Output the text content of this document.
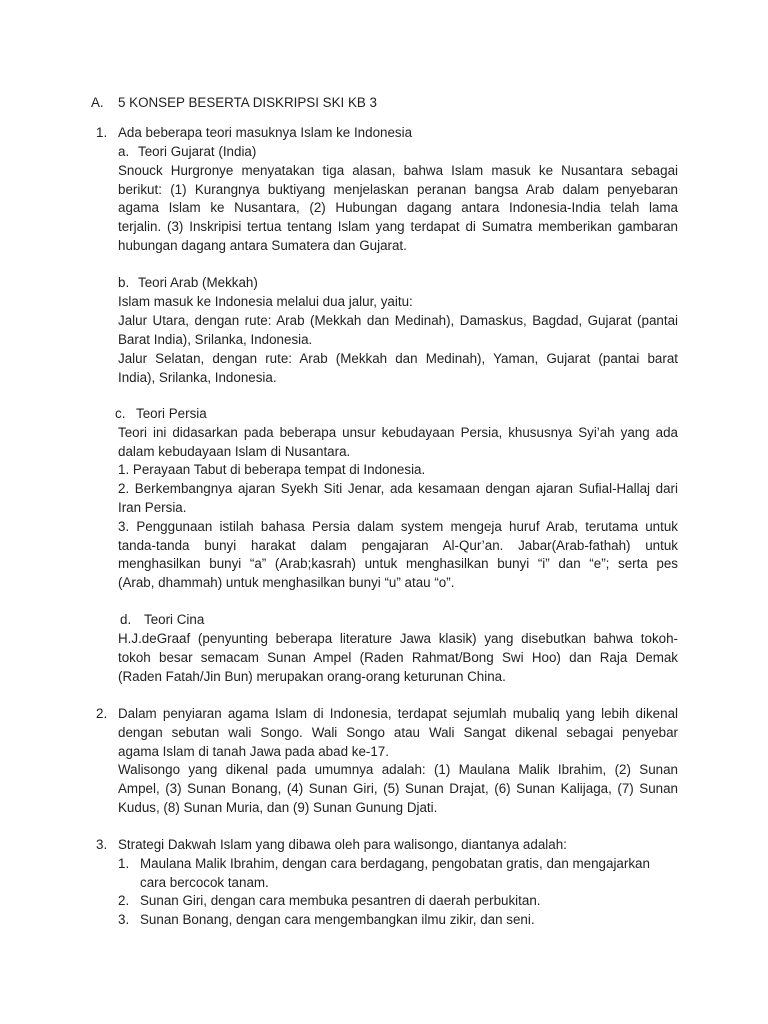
A. 5 KONSEP BESERTA DISKRIPSI SKI KB 3
1. Ada beberapa teori masuknya Islam ke Indonesia
a. Teori Gujarat (India)
Snouck Hurgronye menyatakan tiga alasan, bahwa Islam masuk ke Nusantara sebagai
berikut: (1) Kurangnya buktiyang menjelaskan peranan bangsa Arab dalam penyebaran
agama Islam ke Nusantara, (2) Hubungan dagang antara Indonesia-India telah lama
terjalin. (3) Inskripisi tertua tentang Islam yang terdapat di Sumatra memberikan gambaran
hubungan dagang antara Sumatera dan Gujarat.
b. Teori Arab (Mekkah)
Islam masuk ke Indonesia melalui dua jalur, yaitu:
Jalur Utara, dengan rute: Arab (Mekkah dan Medinah), Damaskus, Bagdad, Gujarat (pantai
Barat India), Srilanka, Indonesia.
Jalur Selatan, dengan rute: Arab (Mekkah dan Medinah), Yaman, Gujarat (pantai barat
India), Srilanka, Indonesia.
c. Teori Persia
Teori ini didasarkan pada beberapa unsur kebudayaan Persia, khususnya Syi’ah yang ada
dalam kebudayaan Islam di Nusantara.
1. Perayaan Tabut di beberapa tempat di Indonesia.
2. Berkembangnya ajaran Syekh Siti Jenar, ada kesamaan dengan ajaran Sufial-Hallaj dari
Iran Persia.
3. Penggunaan istilah bahasa Persia dalam system mengeja huruf Arab, terutama untuk
tanda-tanda bunyi harakat dalam pengajaran Al-Qur’an. Jabar(Arab-fathah) untuk
menghasilkan bunyi “a” (Arab;kasrah) untuk menghasilkan bunyi “i” dan “e”; serta pes
(Arab, dhammah) untuk menghasilkan bunyi “u” atau “o”.
d. Teori Cina
H.J.deGraaf (penyunting beberapa literature Jawa klasik) yang disebutkan bahwa tokoh-
tokoh besar semacam Sunan Ampel (Raden Rahmat/Bong Swi Hoo) dan Raja Demak
(Raden Fatah/Jin Bun) merupakan orang-orang keturunan China.
2. Dalam penyiaran agama Islam di Indonesia, terdapat sejumlah mubaliq yang lebih dikenal
dengan sebutan wali Songo. Wali Songo atau Wali Sangat dikenal sebagai penyebar
agama Islam di tanah Jawa pada abad ke-17.
Walisongo yang dikenal pada umumnya adalah: (1) Maulana Malik Ibrahim, (2) Sunan
Ampel, (3) Sunan Bonang, (4) Sunan Giri, (5) Sunan Drajat, (6) Sunan Kalijaga, (7) Sunan
Kudus, (8) Sunan Muria, dan (9) Sunan Gunung Djati.
3. Strategi Dakwah Islam yang dibawa oleh para walisongo, diantanya adalah:
1. Maulana Malik Ibrahim, dengan cara berdagang, pengobatan gratis, dan mengajarkan
cara bercocok tanam.
2. Sunan Giri, dengan cara membuka pesantren di daerah perbukitan.
3. Sunan Bonang, dengan cara mengembangkan ilmu zikir, dan seni.
